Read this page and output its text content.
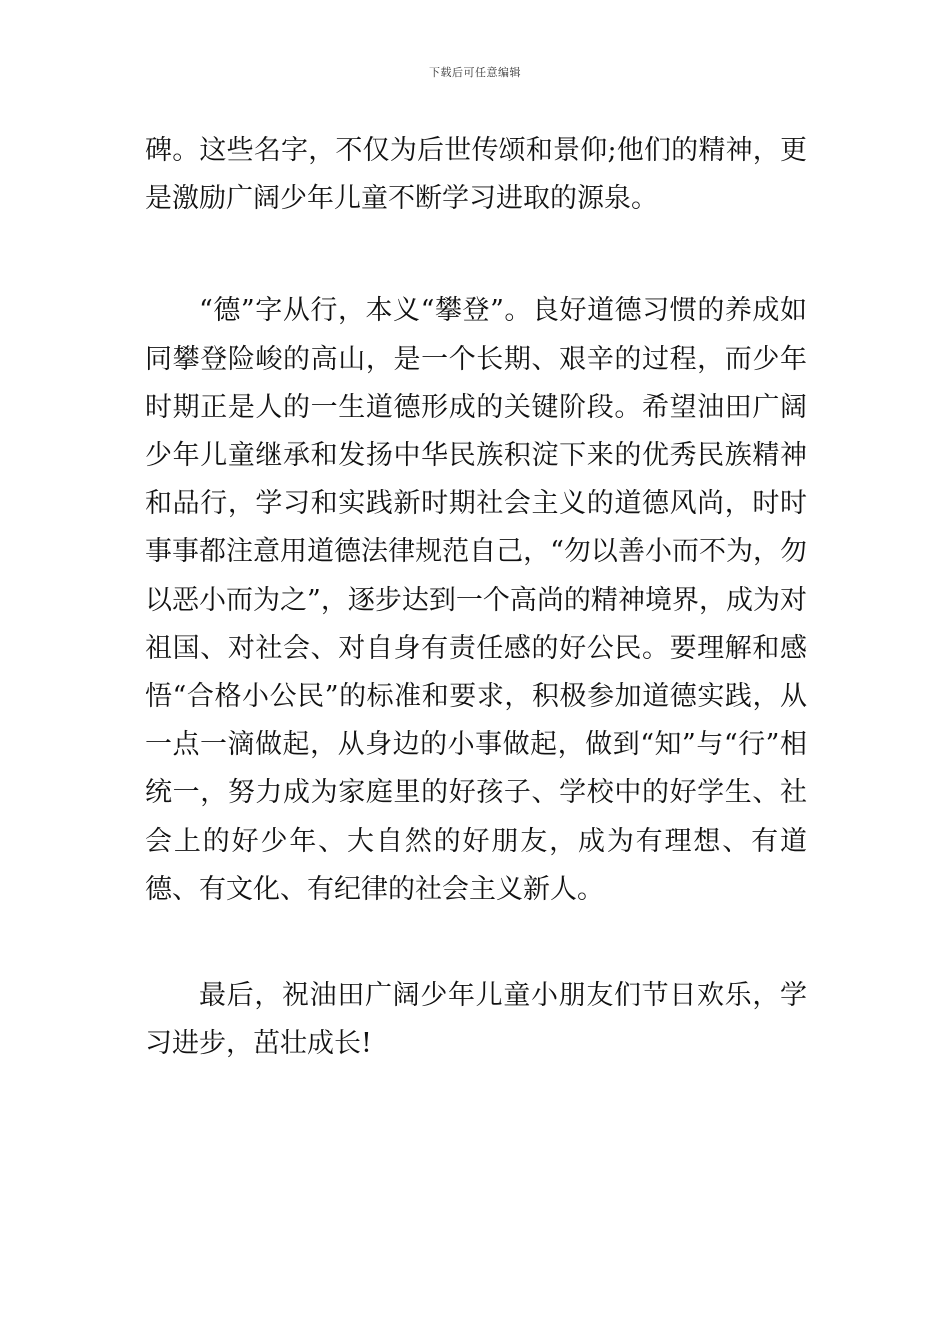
下载后可任意编辑

碑。这些名字，不仅为后世传颂和景仰;他们的精神，更是激励广阔少年儿童不断学习进取的源泉。

“德”字从行，本义“攀登”。良好道德习惯的养成如同攀登险峻的高山，是一个长期、艰辛的过程，而少年时期正是人的一生道德形成的关键阶段。希望油田广阔少年儿童继承和发扬中华民族积淀下来的优秀民族精神和品行，学习和实践新时期社会主义的道德风尚，时时事事都注意用道德法律规范自己，“勿以善小而不为，勿以恶小而为之”，逐步达到一个高尚的精神境界，成为对祖国、对社会、对自身有责任感的好公民。要理解和感悟“合格小公民”的标准和要求，积极参加道德实践，从一点一滴做起，从身边的小事做起，做到“知”与“行”相统一，努力成为家庭里的好孩子、学校中的好学生、社会上的好少年、大自然的好朋友，成为有理想、有道德、有文化、有纪律的社会主义新人。

最后，祝油田广阔少年儿童小朋友们节日欢乐，学习进步，茁壮成长!
